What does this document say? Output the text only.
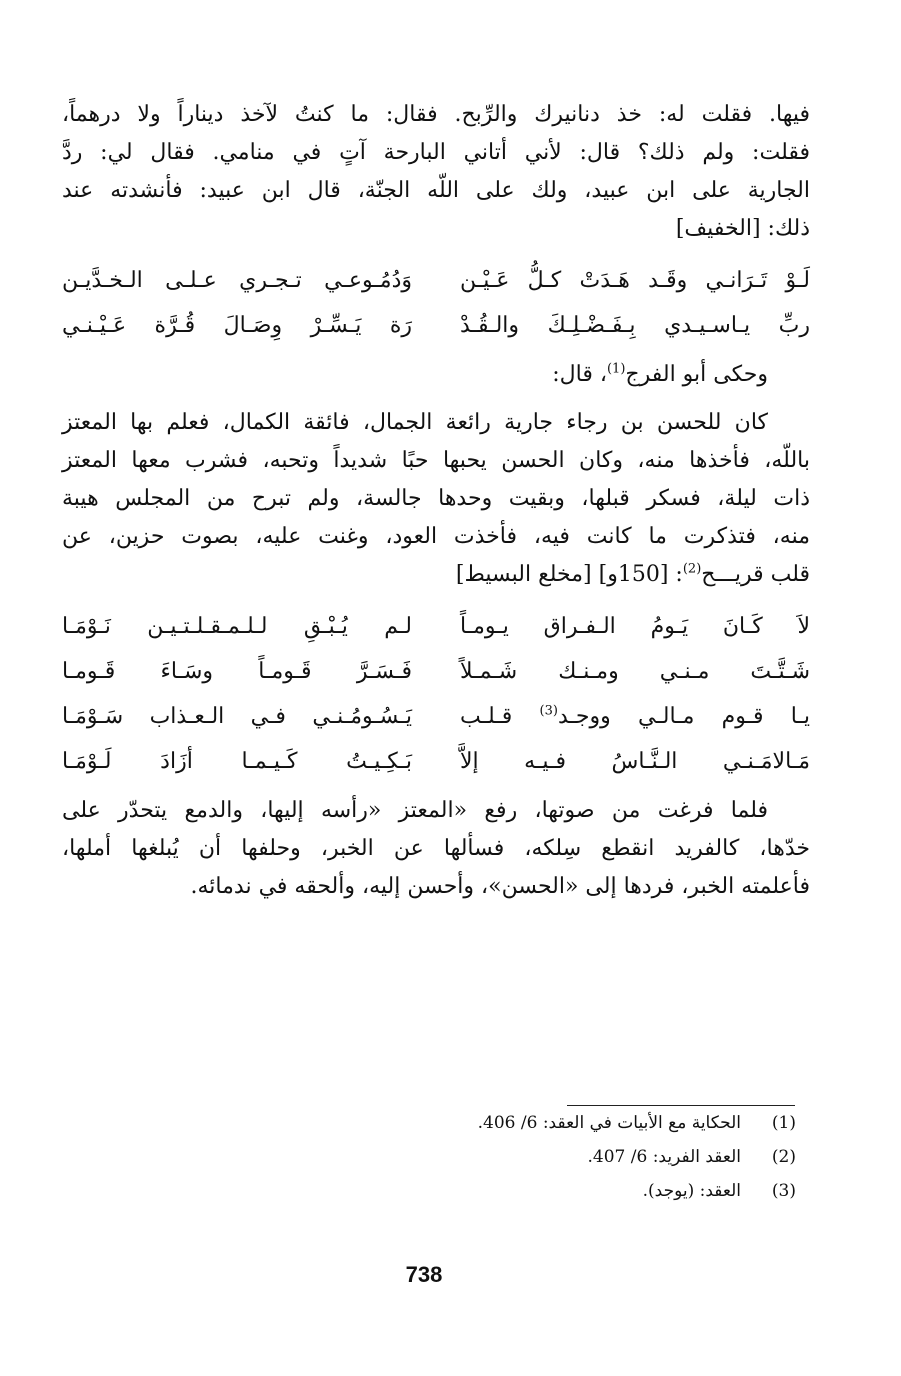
فيها. فقلت له: خذ دنانيرك والرِّبح. فقال: ما كنتُ لآخذ ديناراً ولا درهماً،
فقلت: ولم ذلك؟ قال: لأني أتاني البارحة آتٍ في منامي. فقال لي: ردَّ
الجارية على ابن عبيد، ولك على اللّه الجنّة، قال ابن عبيد: فأنشدته عند
ذلك: [الخفيف]
لَـوْ تَـرَانـي وقَـد هَـدَتْ كـلُّ عَـيْـن
وَدُمُـوعـي تـجـري عـلـى الـخـدَّيـن
ربِّ يـاسـيـدي بِـفَـضْـلِـكَ والـقُـدْ
رَة يَـسِّـرْ وِصَـالَ قُـرَّة عَـيْـنـي
وحكى أبو الفرج$^{(1)}$، قال:
كان للحسن بن رجاء جارية رائعة الجمال، فائقة الكمال، فعلم بها المعتز
باللّه، فأخذها منه، وكان الحسن يحبها حبًا شديداً وتحبه، فشرب معها المعتز
ذات ليلة، فسكر قبلها، وبقيت وحدها جالسة، ولم تبرح من المجلس هيبة
منه، فتذكرت ما كانت فيه، فأخذت العود، وغنت عليه، بصوت حزين، عن
قلب قريـــح$^{(2)}$: [150و] [مخلع البسيط]
لاَ كَـانَ يَـومُ الـفـراق يـومـاً
لـم يُـبْـقِ لـلـمـقـلـتـيـن نَـوْمَـا
شَـتَّـتَ مـنـي ومـنـك شَـمـلاً
فَـسَـرَّ قَـومـاً وسَـاءَ قَـومـا
يـا قـوم مـالـي ووجـد$^{(3)}$ قـلـب
يَـسُـومُـنـي فـي الـعـذاب سَـوْمَـا
مَـالامَـنـي الـنَّـاسُ فـيـه إلاَّ
بَـكِـيـتُ كَـيـمـا أزَادَ لَـوْمَـا
فلما فرغت من صوتها، رفع «المعتز «رأسه إليها، والدمع يتحدّر على
خدّها، كالفريد انقطع سِلكه، فسألها عن الخبر، وحلفها أن يُبلغها أملها،
فأعلمته الخبر، فردها إلى «الحسن»، وأحسن إليه، وألحقه في ندمائه.
(1)
الحكاية مع الأبيات في العقد: 6/ 406.
(2)
العقد الفريد: 6/ 407.
(3)
العقد: (يوجد).
738
